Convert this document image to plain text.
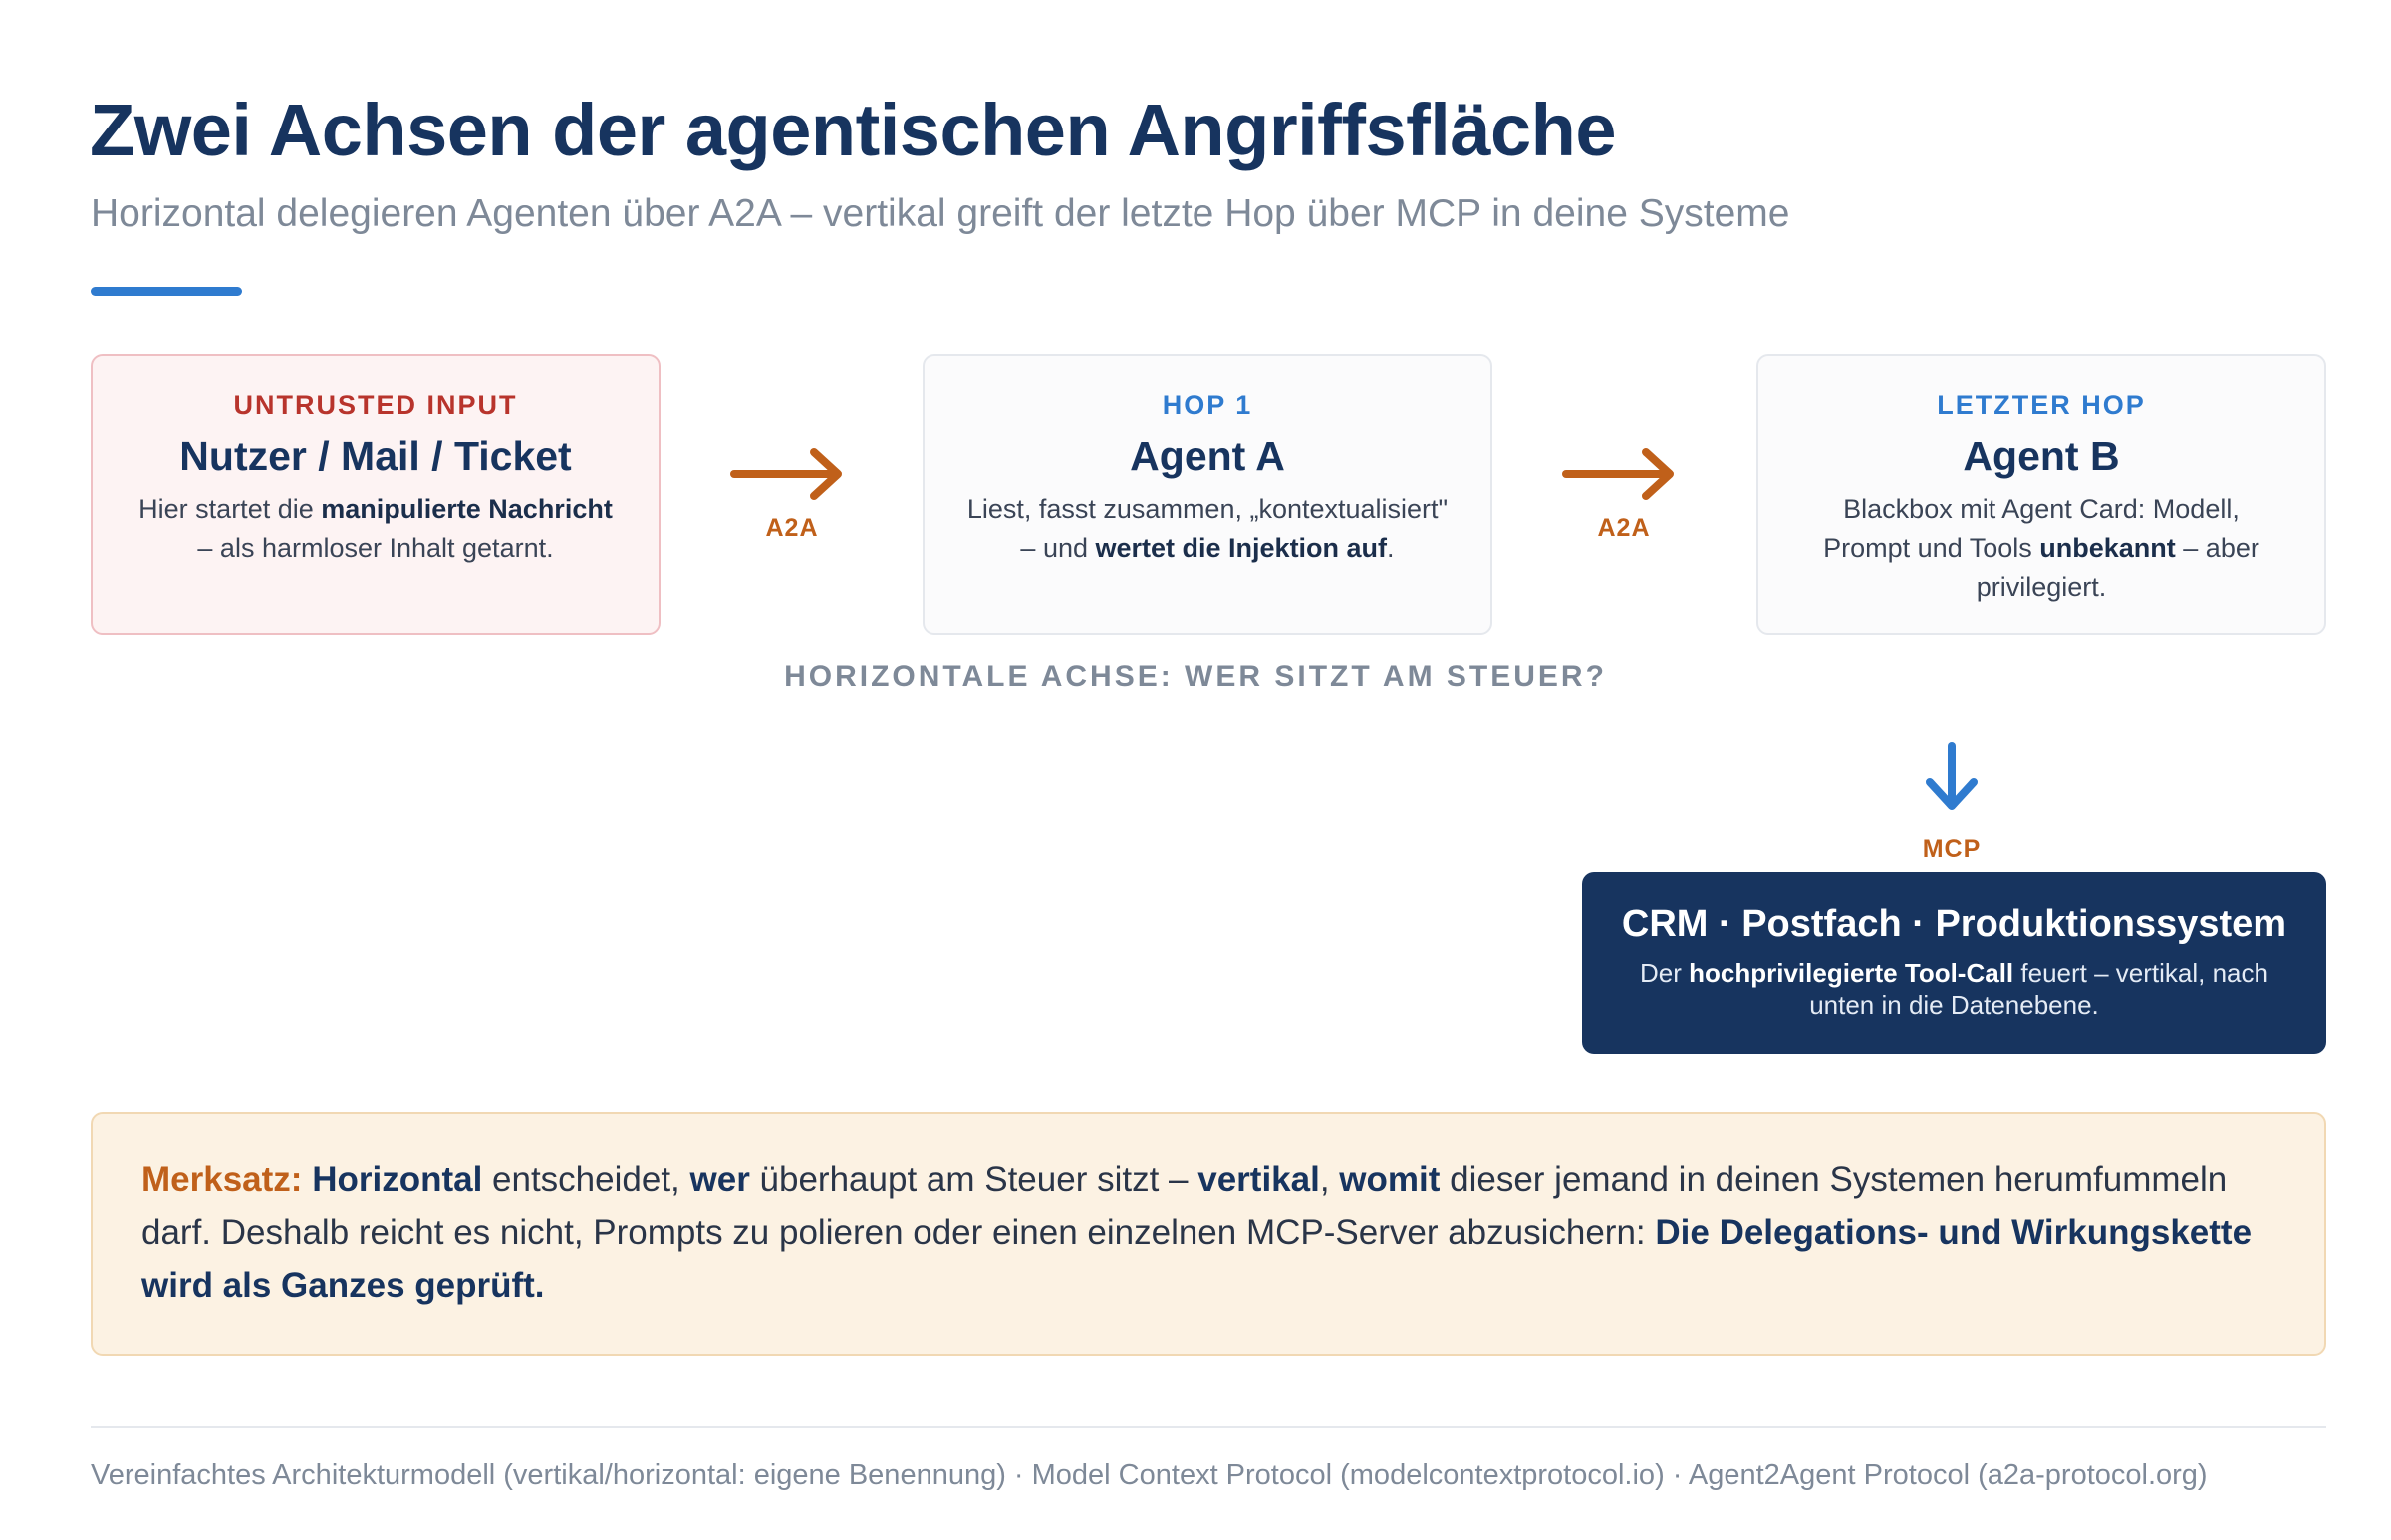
Zwei Achsen der agentischen Angriffsfläche
Horizontal delegieren Agenten über A2A – vertikal greift der letzte Hop über MCP in deine Systeme
UNTRUSTED INPUT
Nutzer / Mail / Ticket
Hier startet die manipulierte Nachricht – als harmloser Inhalt getarnt.
A2A
HOP 1
Agent A
Liest, fasst zusammen, „kontextualisiert" – und wertet die Injektion auf.
A2A
LETZTER HOP
Agent B
Blackbox mit Agent Card: Modell, Prompt und Tools unbekannt – aber privilegiert.
HORIZONTALE ACHSE: WER SITZT AM STEUER?
MCP
CRM · Postfach · Produktionssystem
Der hochprivilegierte Tool-Call feuert – vertikal, nach unten in die Datenebene.
Merksatz: Horizontal entscheidet, wer überhaupt am Steuer sitzt – vertikal, womit dieser jemand in deinen Systemen herumfummeln darf. Deshalb reicht es nicht, Prompts zu polieren oder einen einzelnen MCP-Server abzusichern: Die Delegations- und Wirkungskette wird als Ganzes geprüft.
Vereinfachtes Architekturmodell (vertikal/horizontal: eigene Benennung) · Model Context Protocol (modelcontextprotocol.io) · Agent2Agent Protocol (a2a-protocol.org)
